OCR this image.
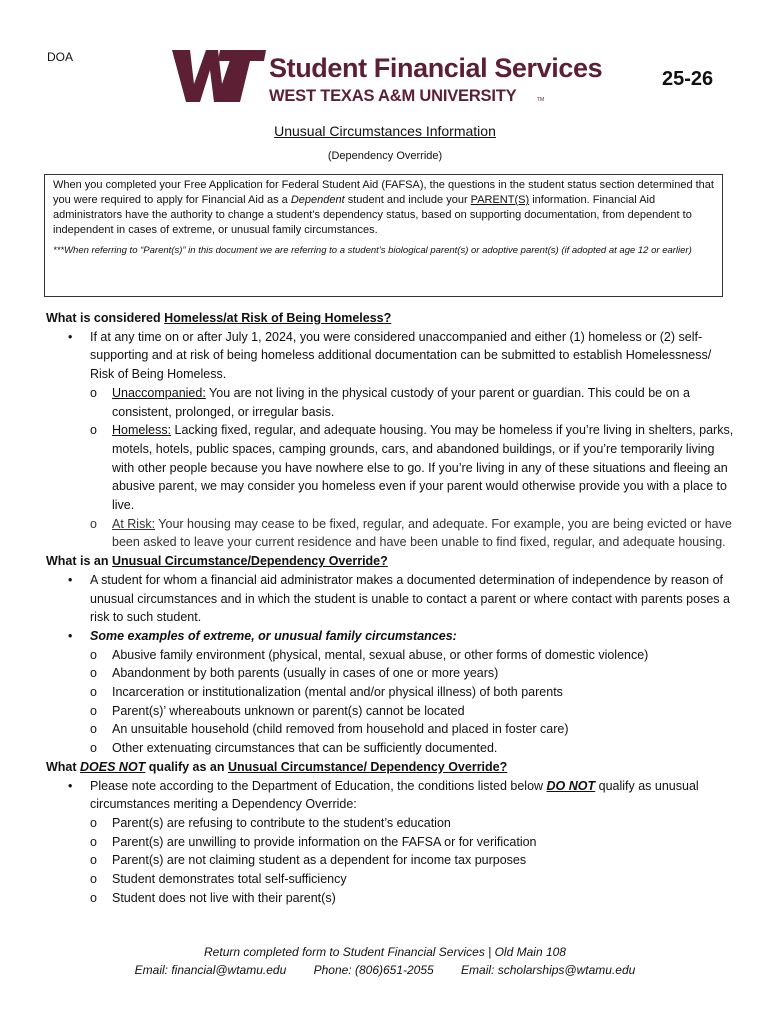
DOA	Student Financial Services
WEST TEXAS A&M UNIVERSITY	TM
25-26
Unusual Circumstances Information
(Dependency Override)
When you completed your Free Application for Federal Student Aid (FAFSA), the questions in the student status section determined that you were required to apply for Financial Aid as a Dependent student and include your PARENT(S) information. Financial Aid administrators have the authority to change a student’s dependency status, based on supporting documentation, from dependent to independent in cases of extreme, or unusual family circumstances.
***When referring to “Parent(s)” in this document we are referring to a student’s biological parent(s) or adoptive parent(s) (if adopted at age 12 or earlier)

What is considered Homeless/at Risk of Being Homeless?

• If at any time on or after July 1, 2024, you were considered unaccompanied and either (1) homeless or (2) self-supporting and at risk of being homeless additional documentation can be submitted to establish Homelessness/ Risk of Being Homeless.
o Unaccompanied: You are not living in the physical custody of your parent or guardian. This could be on a consistent, prolonged, or irregular basis.
o Homeless: Lacking fixed, regular, and adequate housing. You may be homeless if you’re living in shelters, parks, motels, hotels, public spaces, camping grounds, cars, and abandoned buildings, or if you’re temporarily living with other people because you have nowhere else to go. If you’re living in any of these situations and fleeing an abusive parent, we may consider you homeless even if your parent would otherwise provide you with a place to live.
o At Risk: Your housing may cease to be fixed, regular, and adequate. For example, you are being evicted or have been asked to leave your current residence and have been unable to find fixed, regular, and adequate housing.

What is an Unusual Circumstance/Dependency Override?

• A student for whom a financial aid administrator makes a documented determination of independence by reason of unusual circumstances and in which the student is unable to contact a parent or where contact with parents poses a risk to such student.
• Some examples of extreme, or unusual family circumstances:
o Abusive family environment (physical, mental, sexual abuse, or other forms of domestic violence)
o Abandonment by both parents (usually in cases of one or more years)
o Incarceration or institutionalization (mental and/or physical illness) of both parents
o Parent(s)’ whereabouts unknown or parent(s) cannot be located
o An unsuitable household (child removed from household and placed in foster care)
o Other extenuating circumstances that can be sufficiently documented.

What DOES NOT qualify as an Unusual Circumstance/ Dependency Override?

• Please note according to the Department of Education, the conditions listed below DO NOT qualify as unusual circumstances meriting a Dependency Override:
o Parent(s) are refusing to contribute to the student’s education
o Parent(s) are unwilling to provide information on the FAFSA or for verification
o Parent(s) are not claiming student as a dependent for income tax purposes
o Student demonstrates total self-sufficiency
o Student does not live with their parent(s)
Return completed form to Student Financial Services | Old Main 108
Email: financial@wtamu.edu Phone: (806)651-2055 Email: scholarships@wtamu.edu
